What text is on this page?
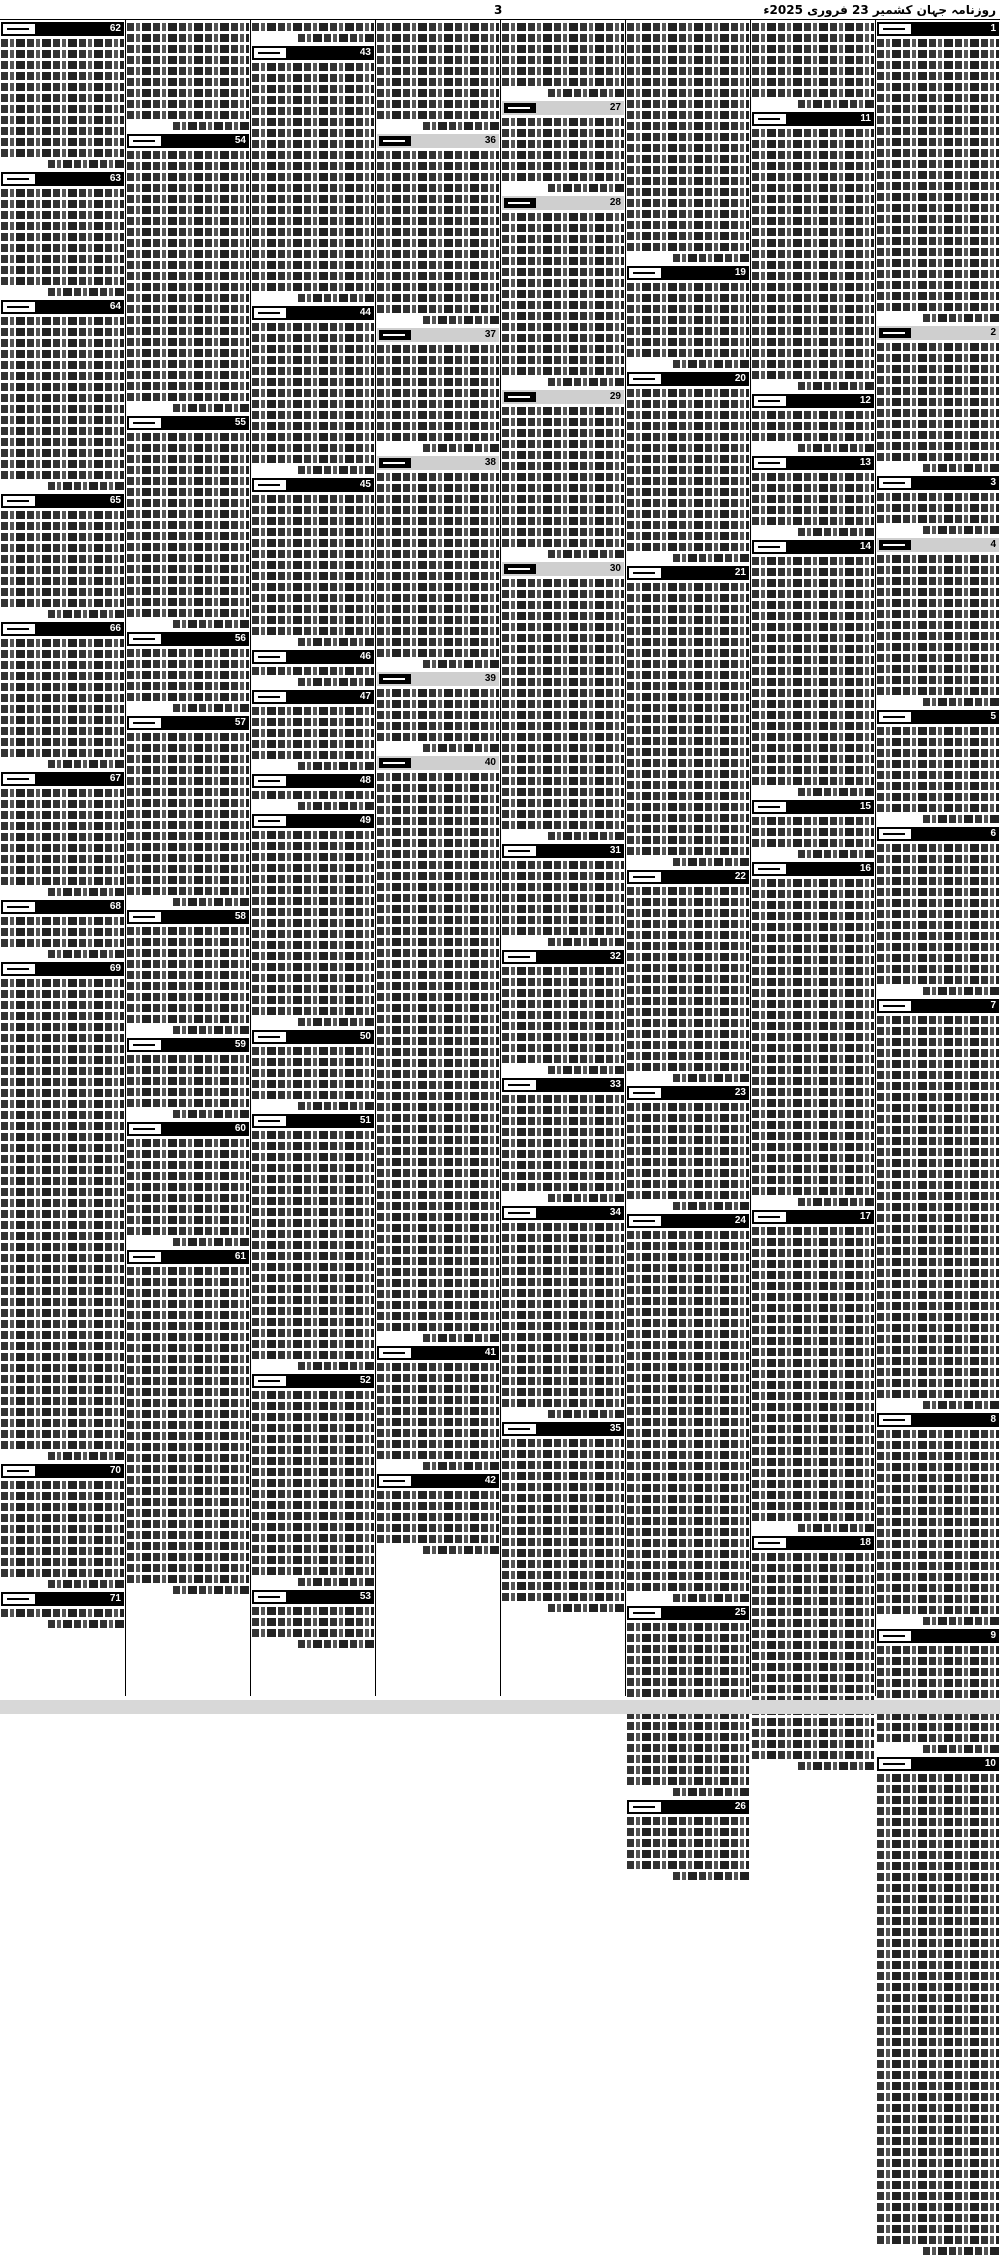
3	روزنامہ جہان کشمیر 23 فروری 2025ء
1
2
3
4
5
6
7
8
9
10
11
12
13
14
15
16
17
18
19
20
21
22
23
24
25
26
27
28
29
30
31
32
33
34
35
36
37
38
39
40
41
42
43
44
45
46
47
48
49
50
51
52
53
54
55
56
57
58
59
60
61
62
63
64
65
66
67
68
69
70
71
